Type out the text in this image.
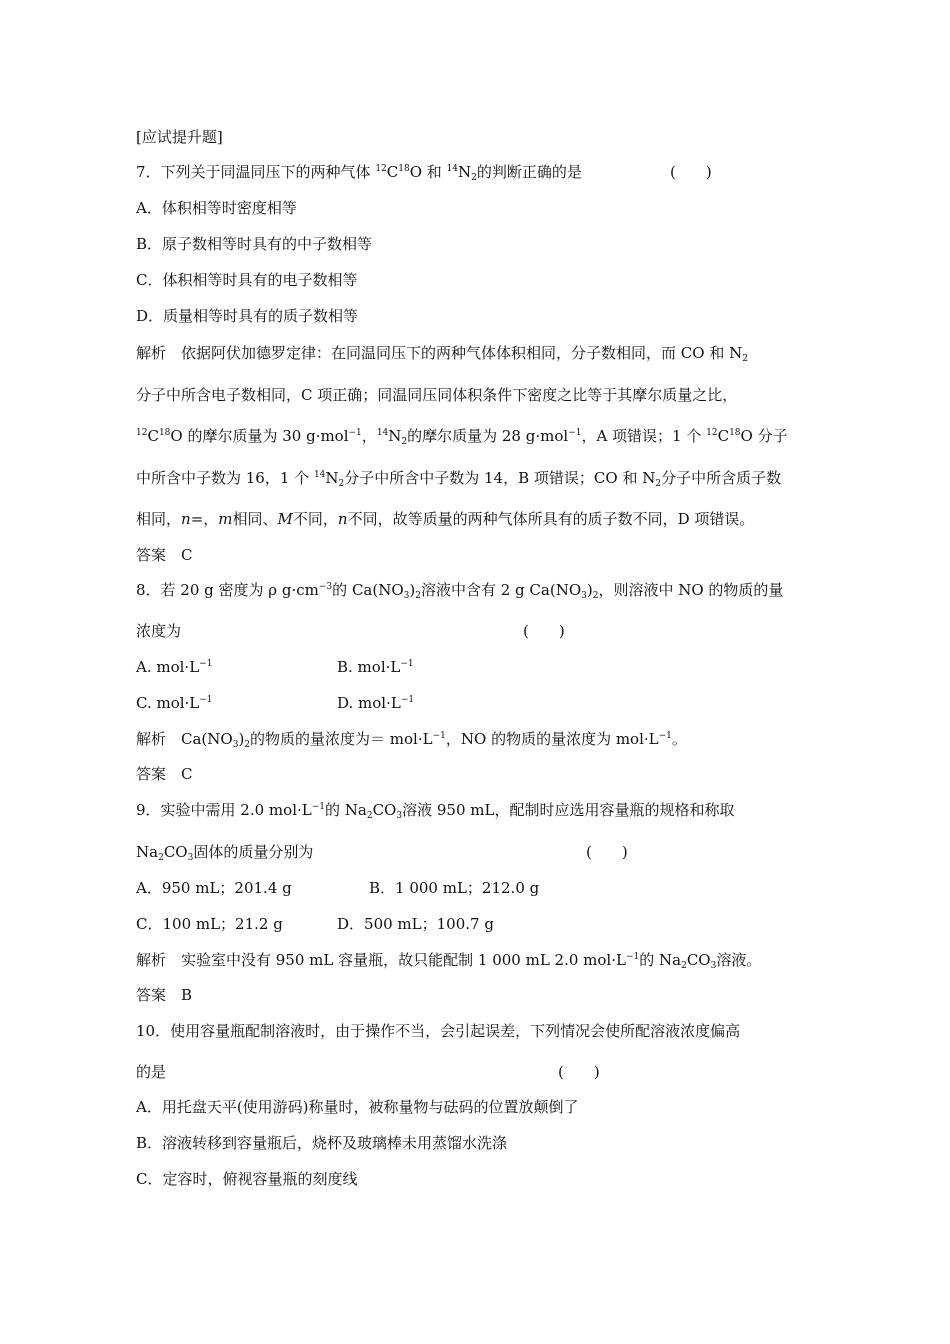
[应试提升题]
7．下列关于同温同压下的两种气体 $^{12}C^{18}O$ 和 $^{14}N_2$的判断正确的是	(　　)
A．体积相等时密度相等
B．原子数相等时具有的中子数相等
C．体积相等时具有的电子数相等
D．质量相等时具有的质子数相等
解析　依据阿伏加德罗定律：在同温同压下的两种气体体积相同，分子数相同，而 CO 和 $N_2$
分子中所含电子数相同，C 项正确；同温同压同体积条件下密度之比等于其摩尔质量之比，
$^{12}C^{18}O$ 的摩尔质量为 30 g·mol$^{-1}$，$^{14}N_2$的摩尔质量为 28 g·mol$^{-1}$，A 项错误；1 个 $^{12}C^{18}O$ 分子
中所含中子数为 16，1 个 $^{14}N_2$分子中所含中子数为 14，B 项错误；CO 和 $N_2$分子中所含质子数
相同，n=，m相同、M不同，n不同，故等质量的两种气体所具有的质子数不同，D 项错误。
答案　C
8．若 20 g 密度为 ρ $g\cdot cm^{-3}$的 $Ca(NO_3)_2$溶液中含有 2 g $Ca(NO_3)_2$，则溶液中 NO 的物质的量
浓度为	(　　)
A. $mol\cdot L^{-1}$	B. $mol\cdot L^{-1}$
C. $mol\cdot L^{-1}$	D. $mol\cdot L^{-1}$
解析　$Ca(NO_3)_2$的物质的量浓度为＝ $mol\cdot L^{-1}$，NO 的物质的量浓度为 $mol\cdot L^{-1}$。
答案　C
9．实验中需用 2.0 $mol\cdot L^{-1}$的 $Na_2CO_3$溶液 950 mL，配制时应选用容量瓶的规格和称取
$Na_2CO_3$固体的质量分别为	(　　)
A．950 mL；201.4 g	B．1 000 mL；212.0 g
C．100 mL；21.2 g	D．500 mL；100.7 g
解析　实验室中没有 950 mL 容量瓶，故只能配制 1 000 mL 2.0 $mol\cdot L^{-1}$的 $Na_2CO_3$溶液。
答案　B
10．使用容量瓶配制溶液时，由于操作不当，会引起误差，下列情况会使所配溶液浓度偏高
的是	(　　)
A．用托盘天平(使用游码)称量时，被称量物与砝码的位置放颠倒了
B．溶液转移到容量瓶后，烧杯及玻璃棒未用蒸馏水洗涤
C．定容时，俯视容量瓶的刻度线
